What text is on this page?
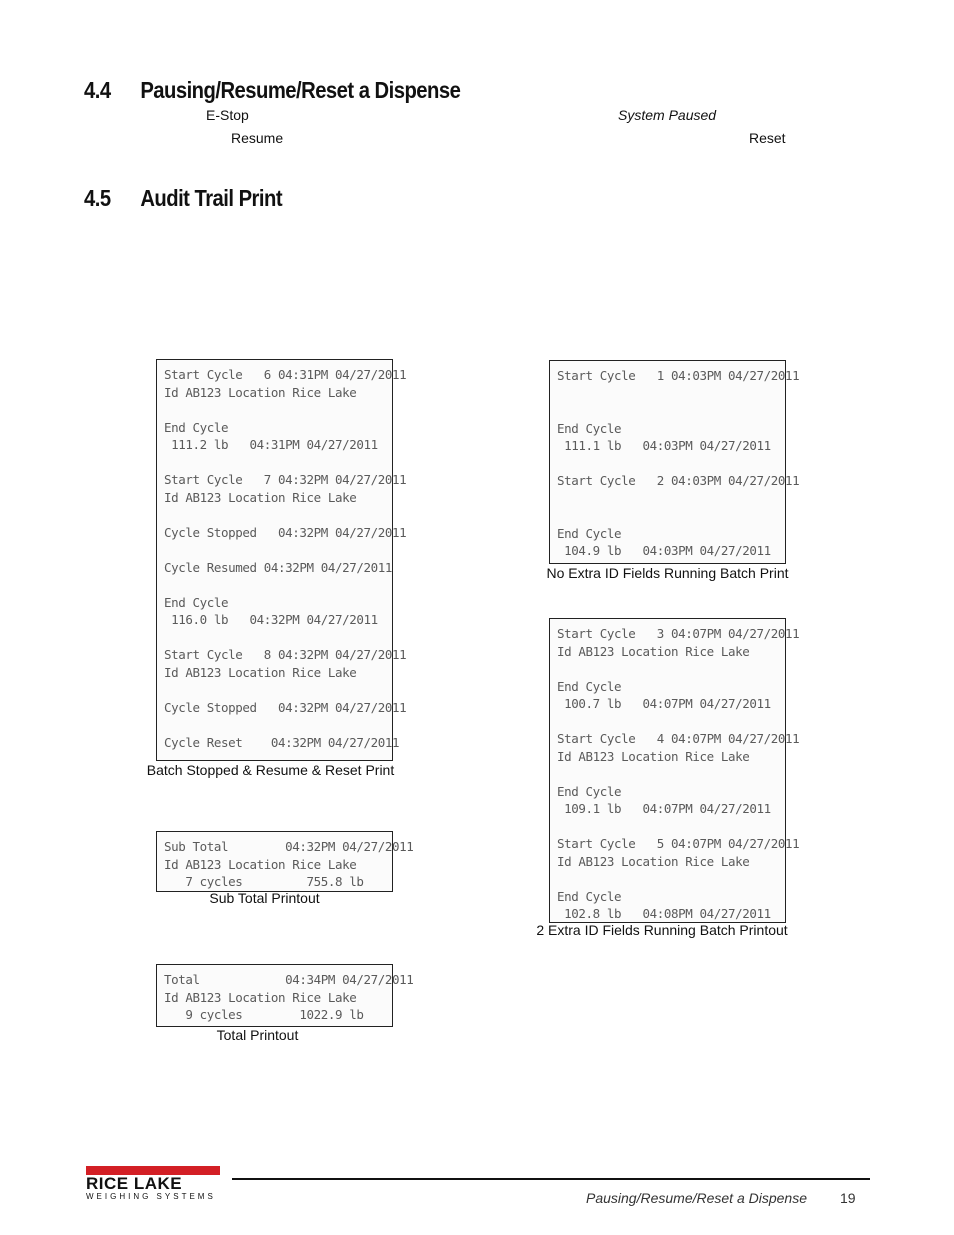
4.4 Pausing/Resume/Reset a Dispense
E-Stop	System Paused
Resume	Reset
4.5 Audit Trail Print
Start Cycle   6 04:31PM 04/27/2011
Id AB123 Location Rice Lake
End Cycle
111.2 lb   04:31PM 04/27/2011
Start Cycle   7 04:32PM 04/27/2011
Id AB123 Location Rice Lake
Cycle Stopped   04:32PM 04/27/2011
Cycle Resumed 04:32PM 04/27/2011
End Cycle
116.0 lb   04:32PM 04/27/2011
Start Cycle   8 04:32PM 04/27/2011
Id AB123 Location Rice Lake
Cycle Stopped   04:32PM 04/27/2011
Cycle Reset    04:32PM 04/27/2011
Batch Stopped & Resume & Reset Print
Sub Total        04:32PM 04/27/2011
Id AB123 Location Rice Lake
7 cycles         755.8 lb
Sub Total Printout
Total            04:34PM 04/27/2011
Id AB123 Location Rice Lake
9 cycles        1022.9 lb
Total Printout
Start Cycle   1 04:03PM 04/27/2011
End Cycle
111.1 lb   04:03PM 04/27/2011
Start Cycle   2 04:03PM 04/27/2011
End Cycle
104.9 lb   04:03PM 04/27/2011
No Extra ID Fields Running Batch Print
Start Cycle   3 04:07PM 04/27/2011
Id AB123 Location Rice Lake
End Cycle
100.7 lb   04:07PM 04/27/2011
Start Cycle   4 04:07PM 04/27/2011
Id AB123 Location Rice Lake
End Cycle
109.1 lb   04:07PM 04/27/2011
Start Cycle   5 04:07PM 04/27/2011
Id AB123 Location Rice Lake
End Cycle
102.8 lb   04:08PM 04/27/2011
2 Extra ID Fields Running Batch Printout
RICE LAKE
WEIGHING SYSTEMS	Pausing/Resume/Reset a Dispense 19
